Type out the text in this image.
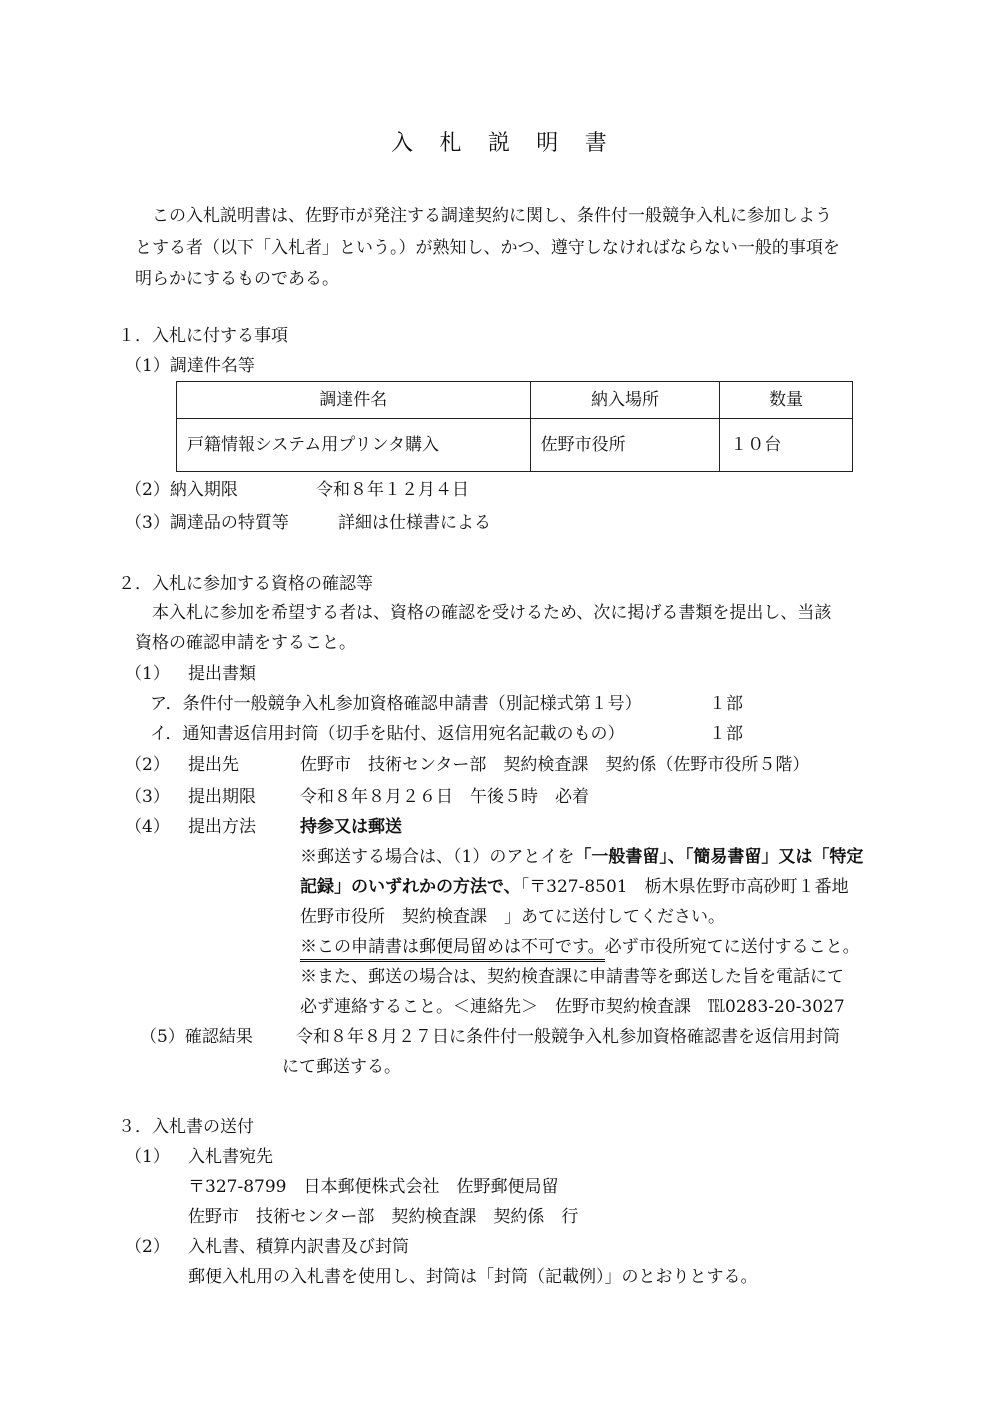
入　札　説　明　書
この入札説明書は、佐野市が発注する調達契約に関し、条件付一般競争入札に参加しよう
とする者（以下「入札者」という。）が熟知し、かつ、遵守しなければならない一般的事項を
明らかにするものである。
１．入札に付する事項
（1）調達件名等
調達件名	納入場所	数量
戸籍情報システム用プリンタ購入	佐野市役所	１０台
（2）納入期限	令和８年１２月４日
（3）調達品の特質等	詳細は仕様書による
２．入札に参加する資格の確認等
本入札に参加を希望する者は、資格の確認を受けるため、次に掲げる書類を提出し、当該
資格の確認申請をすること。
（1） 提出書類
ア．条件付一般競争入札参加資格確認申請書（別記様式第１号）	１部
イ．通知書返信用封筒（切手を貼付、返信用宛名記載のもの）	１部
（2） 提出先	佐野市　技術センター部　契約検査課　契約係（佐野市役所５階）
（3） 提出期限	令和８年８月２６日　午後５時　必着
（4） 提出方法	持参又は郵送
※郵送する場合は、（1）のアとイを「一般書留」、「簡易書留」又は「特定
記録」のいずれかの方法で、「〒327-8501　栃木県佐野市高砂町１番地
佐野市役所　契約検査課　」あてに送付してください。
※この申請書は郵便局留めは不可です。必ず市役所宛てに送付すること。
※また、郵送の場合は、契約検査課に申請書等を郵送した旨を電話にて
必ず連絡すること。＜連絡先＞　佐野市契約検査課　℡0283-20-3027
（5）確認結果	令和８年８月２７日に条件付一般競争入札参加資格確認書を返信用封筒
にて郵送する。
３．入札書の送付
（1） 入札書宛先
〒327-8799　日本郵便株式会社　佐野郵便局留
佐野市　技術センター部　契約検査課　契約係　行
（2） 入札書、積算内訳書及び封筒
郵便入札用の入札書を使用し、封筒は「封筒（記載例）」のとおりとする。
